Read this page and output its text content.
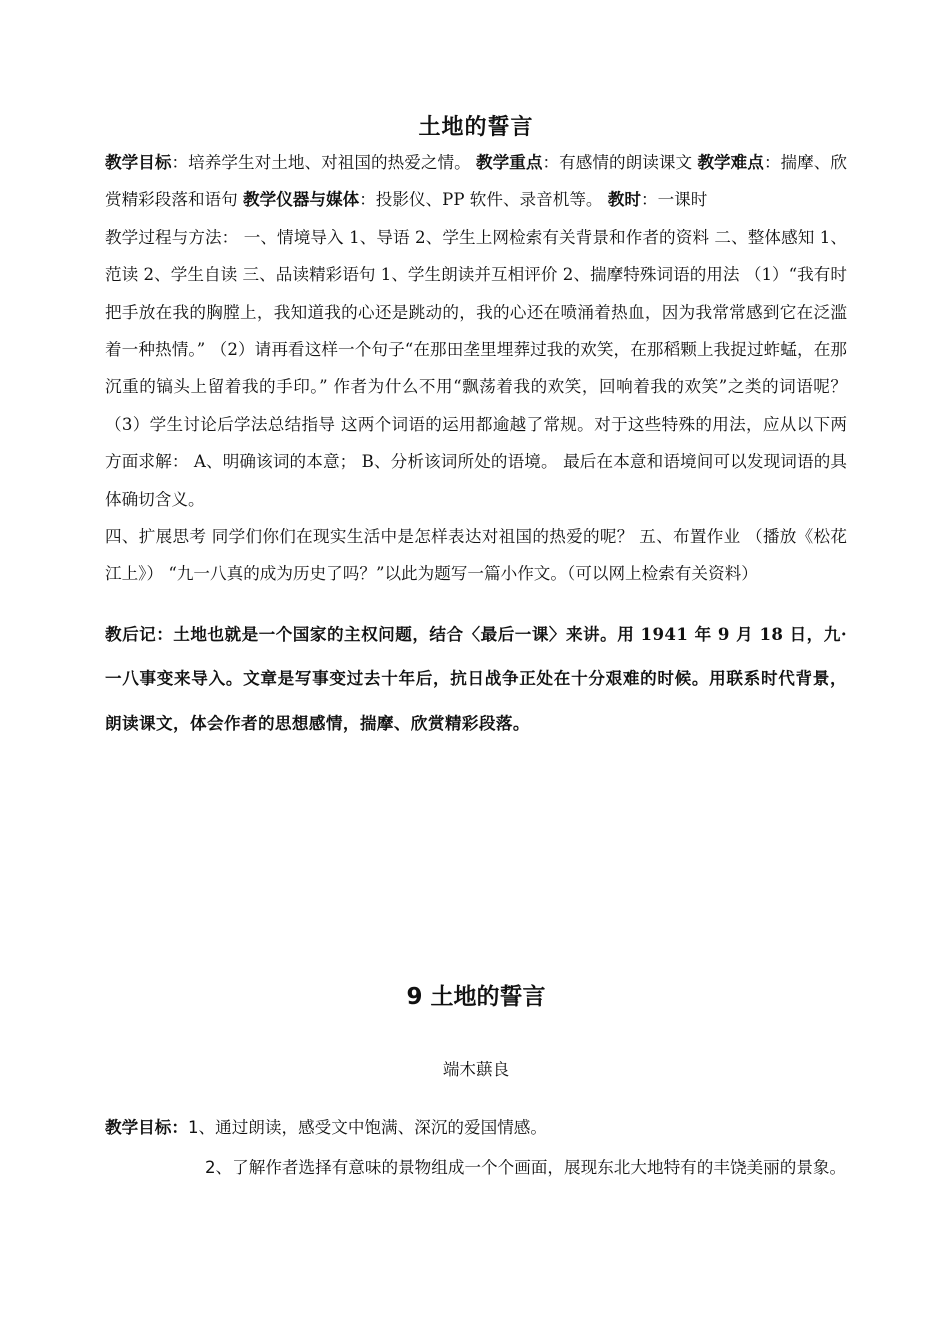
土地的誓言

教学目标：培养学生对土地、对祖国的热爱之情。 教学重点：有感情的朗读课文 教学难点：揣摩、欣赏精彩段落和语句 教学仪器与媒体：投影仪、PP 软件、录音机等。 教时：一课时

教学过程与方法： 一、情境导入 1、导语 2、学生上网检索有关背景和作者的资料 二、整体感知 1、范读 2、学生自读 三、品读精彩语句 1、学生朗读并互相评价 2、揣摩特殊词语的用法 （1）“我有时把手放在我的胸膛上，我知道我的心还是跳动的，我的心还在喷涌着热血，因为我常常感到它在泛滥着一种热情。” （2）请再看这样一个句子“在那田垄里埋葬过我的欢笑，在那稻颗上我捉过蚱蜢，在那沉重的镐头上留着我的手印。” 作者为什么不用“飘荡着我的欢笑，回响着我的欢笑”之类的词语呢？ （3）学生讨论后学法总结指导 这两个词语的运用都逾越了常规。对于这些特殊的用法，应从以下两方面求解： A、明确该词的本意； B、分析该词所处的语境。 最后在本意和语境间可以发现词语的具体确切含义。

四、扩展思考 同学们你们在现实生活中是怎样表达对祖国的热爱的呢？ 五、布置作业 （播放《松花江上》） “九一八真的成为历史了吗？”以此为题写一篇小作文。（可以网上检索有关资料）

教后记：土地也就是一个国家的主权问题，结合〈最后一课〉来讲。用 1941 年 9 月 18 日，九·一八事变来导入。文章是写事变过去十年后，抗日战争正处在十分艰难的时候。用联系时代背景，朗读课文，体会作者的思想感情，揣摩、欣赏精彩段落。

9 土地的誓言
端木蕻良
教学目标：1、通过朗读，感受文中饱满、深沉的爱国情感。
2、了解作者选择有意味的景物组成一个个画面，展现东北大地特有的丰饶美丽的景象。
